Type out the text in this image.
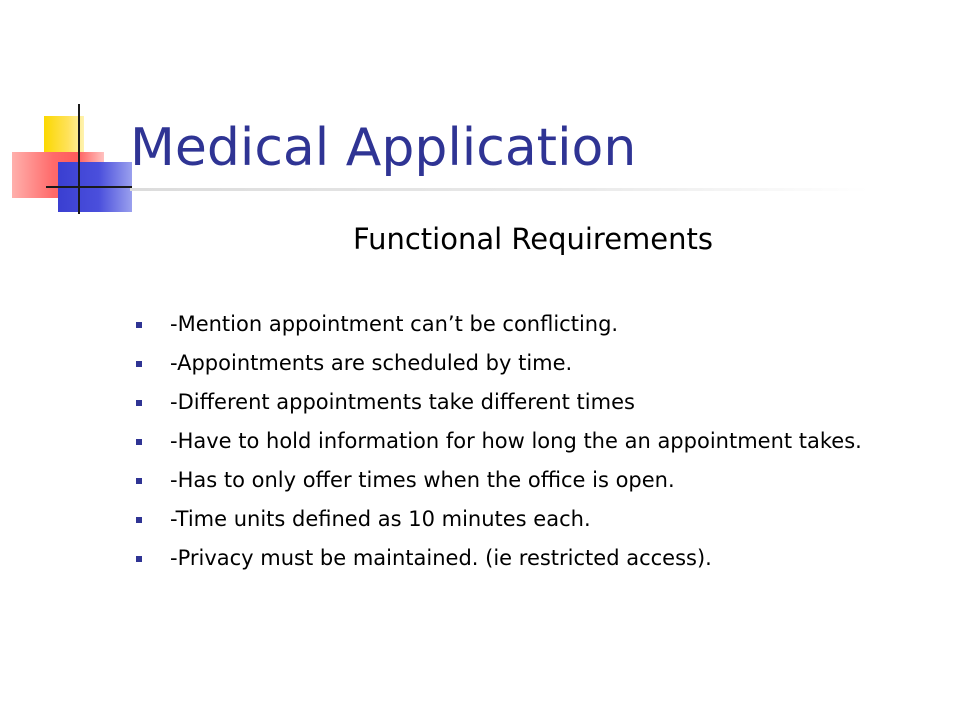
Medical Application
Functional Requirements
-Mention appointment can’t be conflicting.
-Appointments are scheduled by time.
-Different appointments take different times
-Have to hold information for how long the an appointment takes.
-Has to only offer times when the office is open.
-Time units defined as 10 minutes each.
-Privacy must be maintained. (ie restricted access).
